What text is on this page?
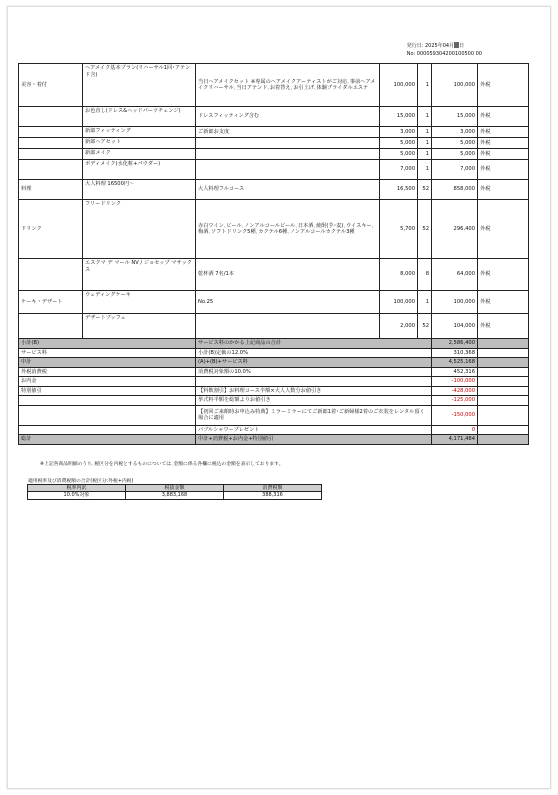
発行日: 2025年04月 日
No: 000059304200100500 00
美容・着付	ヘアメイク基本プラン(リハーサル1回･アテンド含)	当日ヘアメイクセット ※専属のヘアメイクアーティストがご対応､事前ヘアメイクリハーサル､当日アテンド､お着替え､お引上げ､体験ブライダルエステ	100,000	1	100,000	外税
	お色直し(ドレス&ヘッドパーツチェンジ)	ドレスフィッティング含む	15,000	1	15,000	外税
	新郎フィッティング	ご新郎お支度	3,000	1	3,000	外税
	新郎ヘアセット		5,000	1	5,000	外税
	新郎メイク		5,000	1	5,000	外税
	ボディメイク(水化粧+パウダー)		7,000	1	7,000	外税
料理	大人料理 16500円〜	大人料理フルコース	16,500	52	858,000	外税
ドリンク	フリードリンク	赤白ワイン､ビール､ノンアルコールビール､日本酒､焼酎(芋･麦)､ウイスキー､梅酒､ソフトドリンク5種､カクテル6種､ノンアルコールカクテル3種	5,700	52	296,400	外税
	エスクマ デ マール NV / ジョセップ マサックス	乾杯酒 7名/1本	8,000	8	64,000	外税
ケーキ・デザート	ウェディングケーキ	No.25	100,000	1	100,000	外税
	デザートブッフェ		2,000	52	104,000	外税
小計(B)		サービス料のかかる上記商品の合計			2,586,400	
サービス料		小計(B)定価の12.0%			310,368	
中計		(A)+(B)+サービス料			4,525,168	
外税消費税		消費税対象額の10.0%			452,316	
お内金					-100,000	
特別値引		【料飲割引】お料理コース半額×大人人数分お値引き			-428,000	
		挙式料半額を総額よりお値引き			-125,000	
		【初回ご来館時お申込み特典】ミラーミラーにてご新郎1着･ご新婦様2着のご衣装をレンタル頂く場合に適用			-150,000	
		バブルシャワープレゼント			0	
総計		中計+消費税+お内金+特別値引			4,171,484	
※上記各商品明細のうち､税区分を内税とするものについては､金額に係る各欄に税込の金額を表示しております。
適用税率及び消費税額の合計(税区分:外税+内税)
税率内訳	税抜金額	消費税額
10.0%対象	3,883,168	388,316
